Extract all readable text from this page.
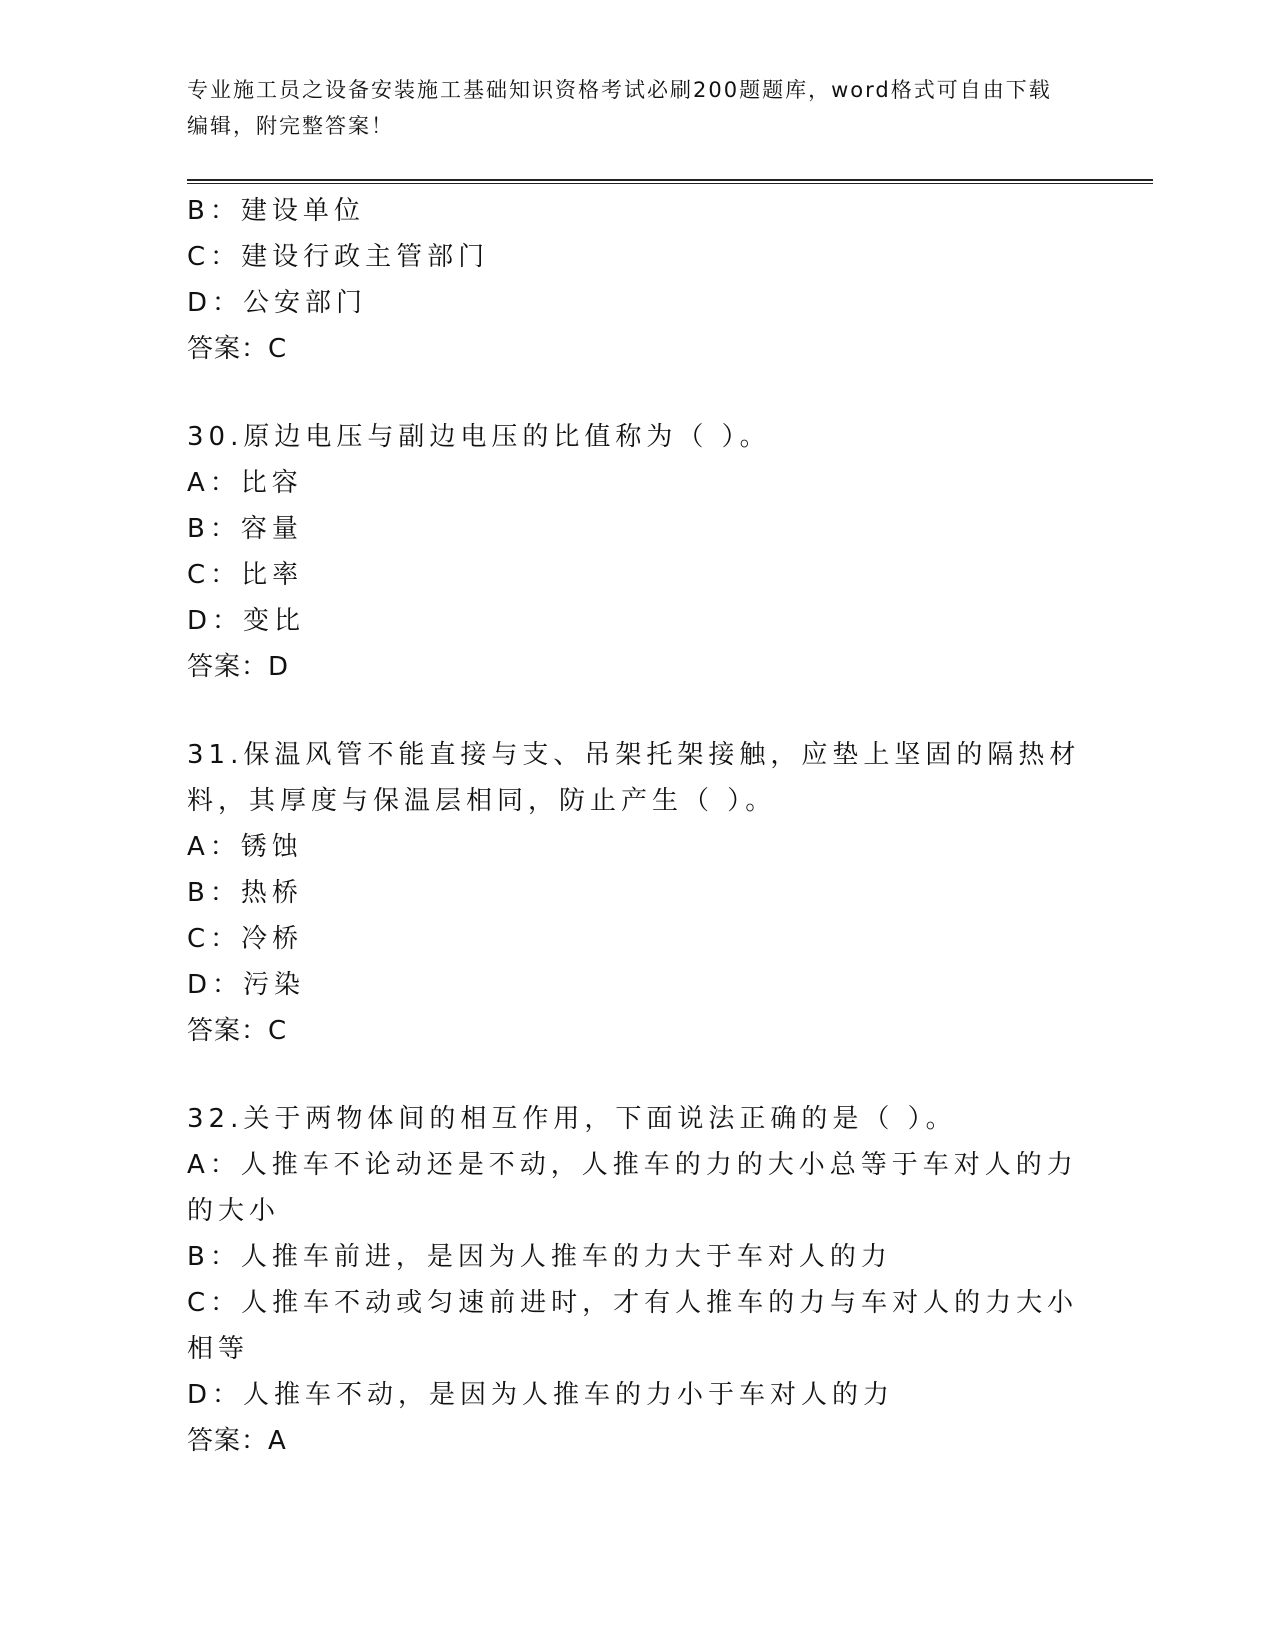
专业施工员之设备安装施工基础知识资格考试必刷200题题库，word格式可自由下载编辑，附完整答案！
B：建设单位
C：建设行政主管部门
D：公安部门
答案：C
30.原边电压与副边电压的比值称为（ ）。
A：比容
B：容量
C：比率
D：变比
答案：D
31.保温风管不能直接与支、吊架托架接触，应垫上坚固的隔热材料，其厚度与保温层相同，防止产生（ ）。
A：锈蚀
B：热桥
C：冷桥
D：污染
答案：C
32.关于两物体间的相互作用，下面说法正确的是（ ）。
A：人推车不论动还是不动，人推车的力的大小总等于车对人的力的大小
B：人推车前进，是因为人推车的力大于车对人的力
C：人推车不动或匀速前进时，才有人推车的力与车对人的力大小相等
D：人推车不动，是因为人推车的力小于车对人的力
答案：A
